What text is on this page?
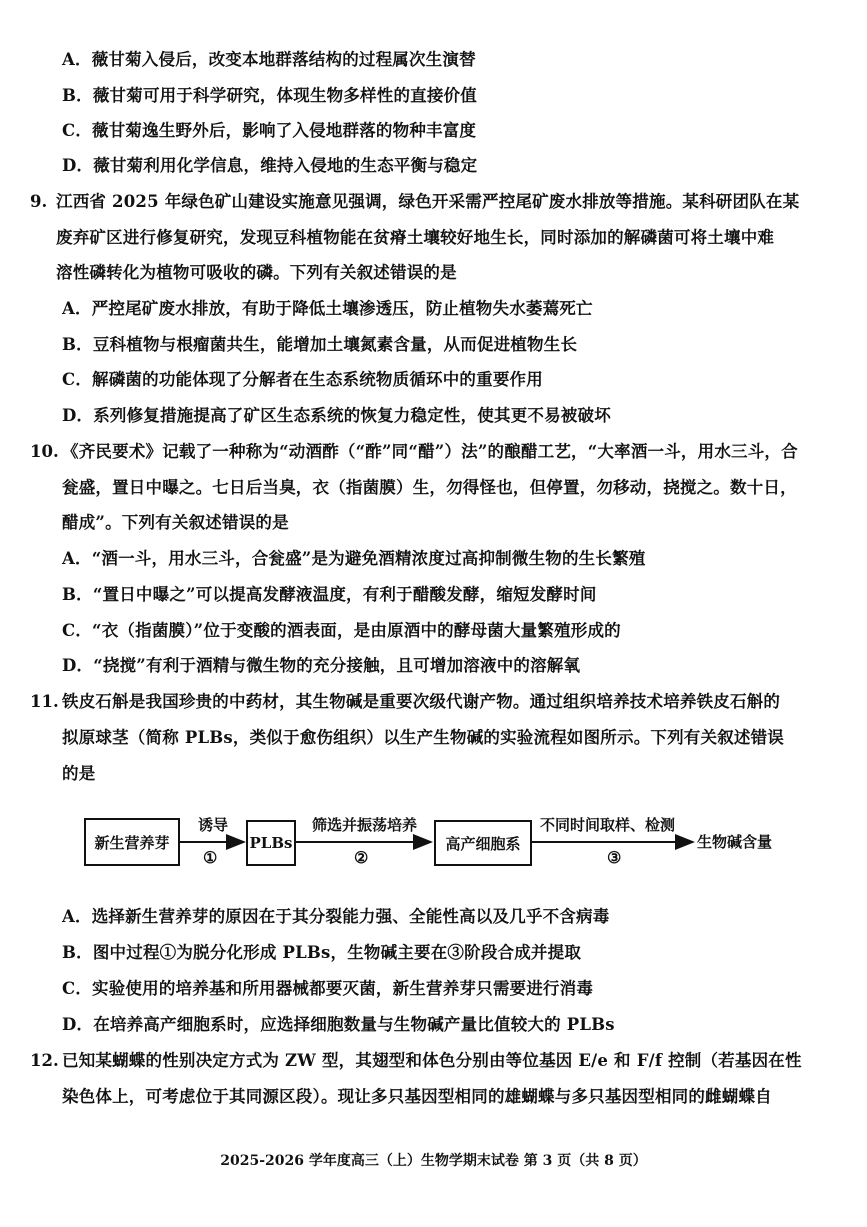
A．薇甘菊入侵后，改变本地群落结构的过程属次生演替
B．薇甘菊可用于科学研究，体现生物多样性的直接价值
C．薇甘菊逸生野外后，影响了入侵地群落的物种丰富度
D．薇甘菊利用化学信息，维持入侵地的生态平衡与稳定
9. 江西省 2025 年绿色矿山建设实施意见强调，绿色开采需严控尾矿废水排放等措施。某科研团队在某
废弃矿区进行修复研究，发现豆科植物能在贫瘠土壤较好地生长，同时添加的解磷菌可将土壤中难
溶性磷转化为植物可吸收的磷。下列有关叙述错误的是
A．严控尾矿废水排放，有助于降低土壤渗透压，防止植物失水萎蔫死亡
B．豆科植物与根瘤菌共生，能增加土壤氮素含量，从而促进植物生长
C．解磷菌的功能体现了分解者在生态系统物质循环中的重要作用
D．系列修复措施提高了矿区生态系统的恢复力稳定性，使其更不易被破坏
10. 《齐民要术》记载了一种称为“动酒酢（“酢”同“醋”）法”的酿醋工艺，“大率酒一斗，用水三斗，合
瓮盛，置日中曝之。七日后当臭，衣（指菌膜）生，勿得怪也，但停置，勿移动，挠搅之。数十日，
醋成”。下列有关叙述错误的是
A．“酒一斗，用水三斗，合瓮盛”是为避免酒精浓度过高抑制微生物的生长繁殖
B．“置日中曝之”可以提高发酵液温度，有利于醋酸发酵，缩短发酵时间
C．“衣（指菌膜）”位于变酸的酒表面，是由原酒中的酵母菌大量繁殖形成的
D．“挠搅”有利于酒精与微生物的充分接触，且可增加溶液中的溶解氧
11. 铁皮石斛是我国珍贵的中药材，其生物碱是重要次级代谢产物。通过组织培养技术培养铁皮石斛的
拟原球茎（简称 PLBs，类似于愈伤组织）以生产生物碱的实验流程如图所示。下列有关叙述错误
的是
新生营养芽
诱导
①
PLBs
筛选并振荡培养
②
高产细胞系
不同时间取样、检测
③
生物碱含量
A．选择新生营养芽的原因在于其分裂能力强、全能性高以及几乎不含病毒
B．图中过程①为脱分化形成 PLBs，生物碱主要在③阶段合成并提取
C．实验使用的培养基和所用器械都要灭菌，新生营养芽只需要进行消毒
D．在培养高产细胞系时，应选择细胞数量与生物碱产量比值较大的 PLBs
12. 已知某蝴蝶的性别决定方式为 ZW 型，其翅型和体色分别由等位基因 E/e 和 F/f 控制（若基因在性
染色体上，可考虑位于其同源区段）。现让多只基因型相同的雄蝴蝶与多只基因型相同的雌蝴蝶自
2025-2026 学年度高三（上）生物学期末试卷 第 3 页（共 8 页）
